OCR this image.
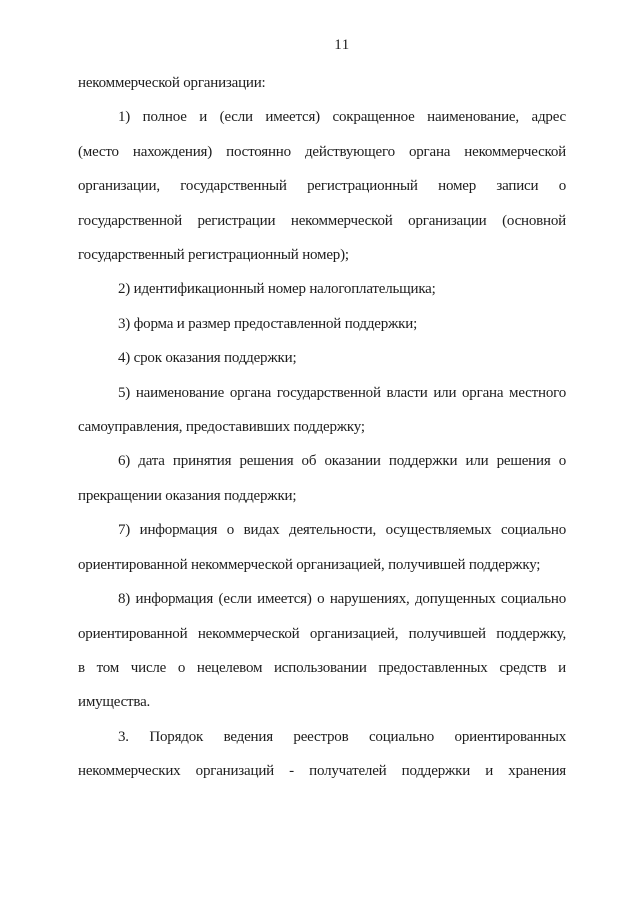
11
некоммерческой организации:
1) полное и (если имеется) сокращенное наименование, адрес
(место нахождения) постоянно действующего органа некоммерческой
организации, государственный регистрационный номер записи о
государственной регистрации некоммерческой организации (основной
государственный регистрационный номер);
2) идентификационный номер налогоплательщика;
3) форма и размер предоставленной поддержки;
4) срок оказания поддержки;
5) наименование органа государственной власти или органа местного
самоуправления, предоставивших поддержку;
6) дата принятия решения об оказании поддержки или решения о
прекращении оказания поддержки;
7) информация о видах деятельности, осуществляемых социально
ориентированной некоммерческой организацией, получившей поддержку;
8) информация (если имеется) о нарушениях, допущенных социально
ориентированной некоммерческой организацией, получившей поддержку,
в том числе о нецелевом использовании предоставленных средств и
имущества.
3. Порядок ведения реестров социально ориентированных
некоммерческих организаций - получателей поддержки и хранения
